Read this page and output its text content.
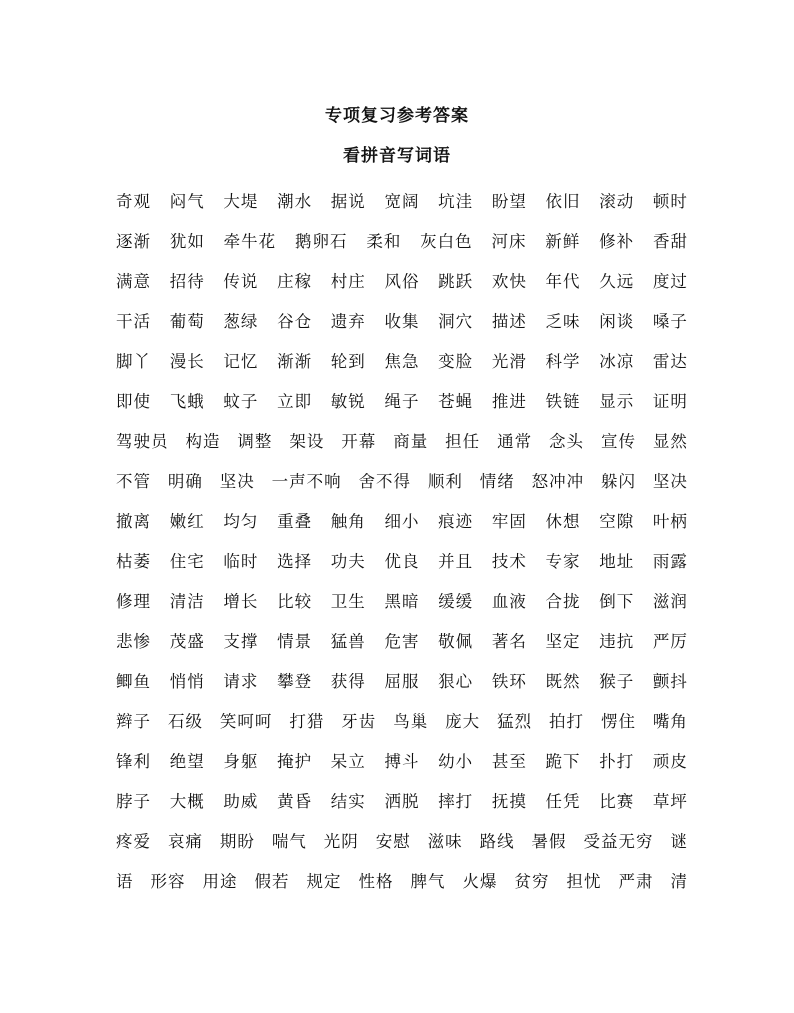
专项复习参考答案
看拼音写词语
奇观 闷气 大堤 潮水 据说 宽阔 坑洼 盼望 依旧 滚动 顿时
逐渐 犹如 牵牛花 鹅卵石 柔和 灰白色 河床 新鲜 修补 香甜
满意 招待 传说 庄稼 村庄 风俗 跳跃 欢快 年代 久远 度过
干活 葡萄 葱绿 谷仓 遗弃 收集 洞穴 描述 乏味 闲谈 嗓子
脚丫 漫长 记忆 渐渐 轮到 焦急 变脸 光滑 科学 冰凉 雷达
即使 飞蛾 蚊子 立即 敏锐 绳子 苍蝇 推进 铁链 显示 证明
驾驶员 构造 调整 架设 开幕 商量 担任 通常 念头 宣传 显然
不管 明确 坚决 一声不响 舍不得 顺利 情绪 怒冲冲 躲闪 坚决
撤离 嫩红 均匀 重叠 触角 细小 痕迹 牢固 休想 空隙 叶柄
枯萎 住宅 临时 选择 功夫 优良 并且 技术 专家 地址 雨露
修理 清洁 增长 比较 卫生 黑暗 缓缓 血液 合拢 倒下 滋润
悲惨 茂盛 支撑 情景 猛兽 危害 敬佩 著名 坚定 违抗 严厉
鲫鱼 悄悄 请求 攀登 获得 屈服 狠心 铁环 既然 猴子 颤抖
辫子 石级 笑呵呵 打猎 牙齿 鸟巢 庞大 猛烈 拍打 愣住 嘴角
锋利 绝望 身躯 掩护 呆立 搏斗 幼小 甚至 跪下 扑打 顽皮
脖子 大概 助威 黄昏 结实 洒脱 摔打 抚摸 任凭 比赛 草坪
疼爱 哀痛 期盼 喘气 光阴 安慰 滋味 路线 暑假 受益无穷 谜
语 形容 用途 假若 规定 性格 脾气 火爆 贫穷 担忧 严肃 清
